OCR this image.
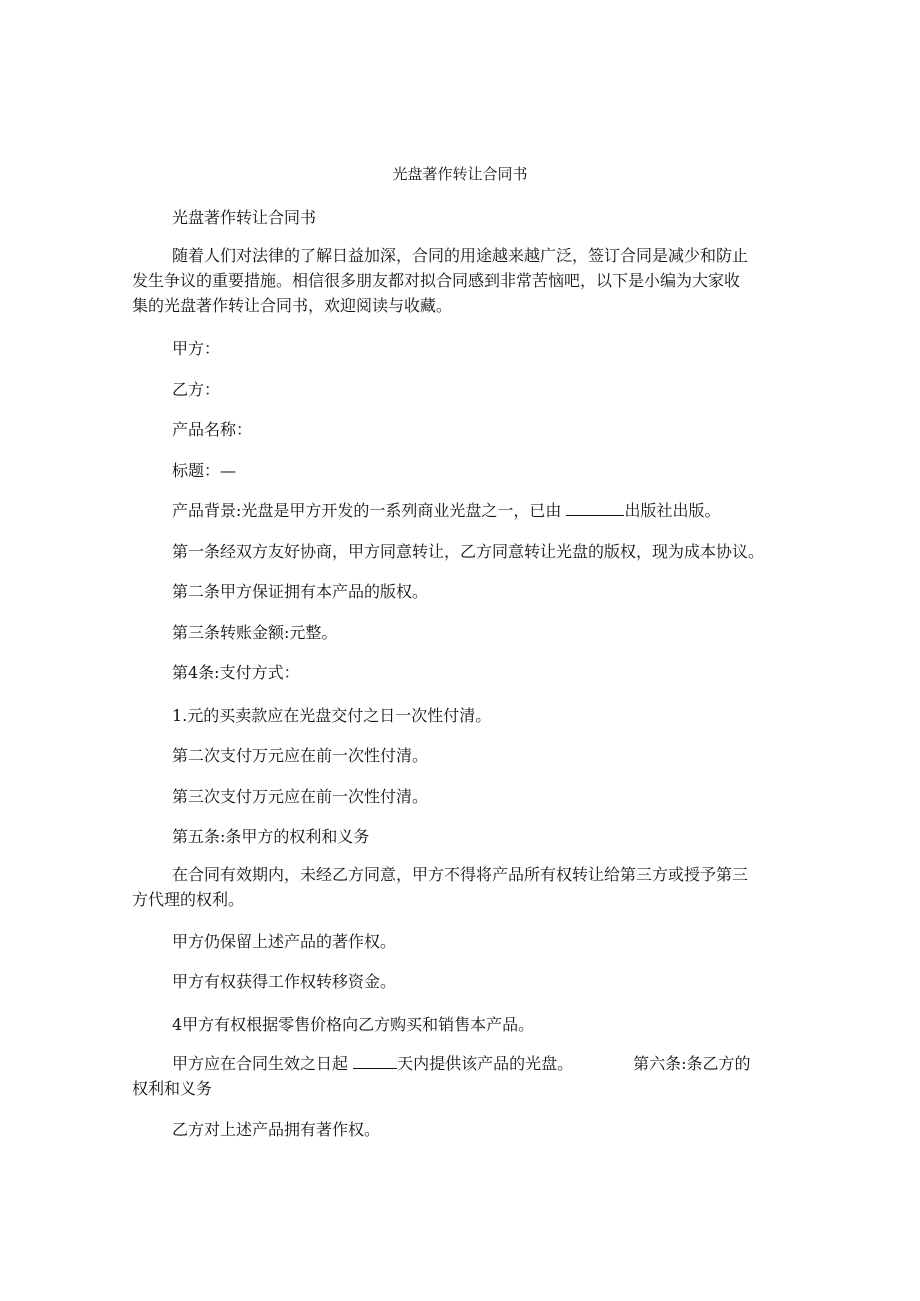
光盘著作转让合同书
光盘著作转让合同书
随着人们对法律的了解日益加深，合同的用途越来越广泛，签订合同是减少和防止
发生争议的重要措施。相信很多朋友都对拟合同感到非常苦恼吧，以下是小编为大家收
集的光盘著作转让合同书，欢迎阅读与收藏。
甲方：
乙方：
产品名称：
标题：—
产品背景:光盘是甲方开发的一系列商业光盘之一，已由	出版社出版。
第一条经双方友好协商，甲方同意转让，乙方同意转让光盘的版权，现为成本协议。
第二条甲方保证拥有本产品的版权。
第三条转账金额:元整。
第4条:支付方式：
1.元的买卖款应在光盘交付之日一次性付清。
第二次支付万元应在前一次性付清。
第三次支付万元应在前一次性付清。
第五条:条甲方的权利和义务
在合同有效期内，未经乙方同意，甲方不得将产品所有权转让给第三方或授予第三
方代理的权利。
甲方仍保留上述产品的著作权。
甲方有权获得工作权转移资金。
4甲方有权根据零售价格向乙方购买和销售本产品。
甲方应在合同生效之日起	天内提供该产品的光盘。	第六条:条乙方的
权利和义务
乙方对上述产品拥有著作权。
